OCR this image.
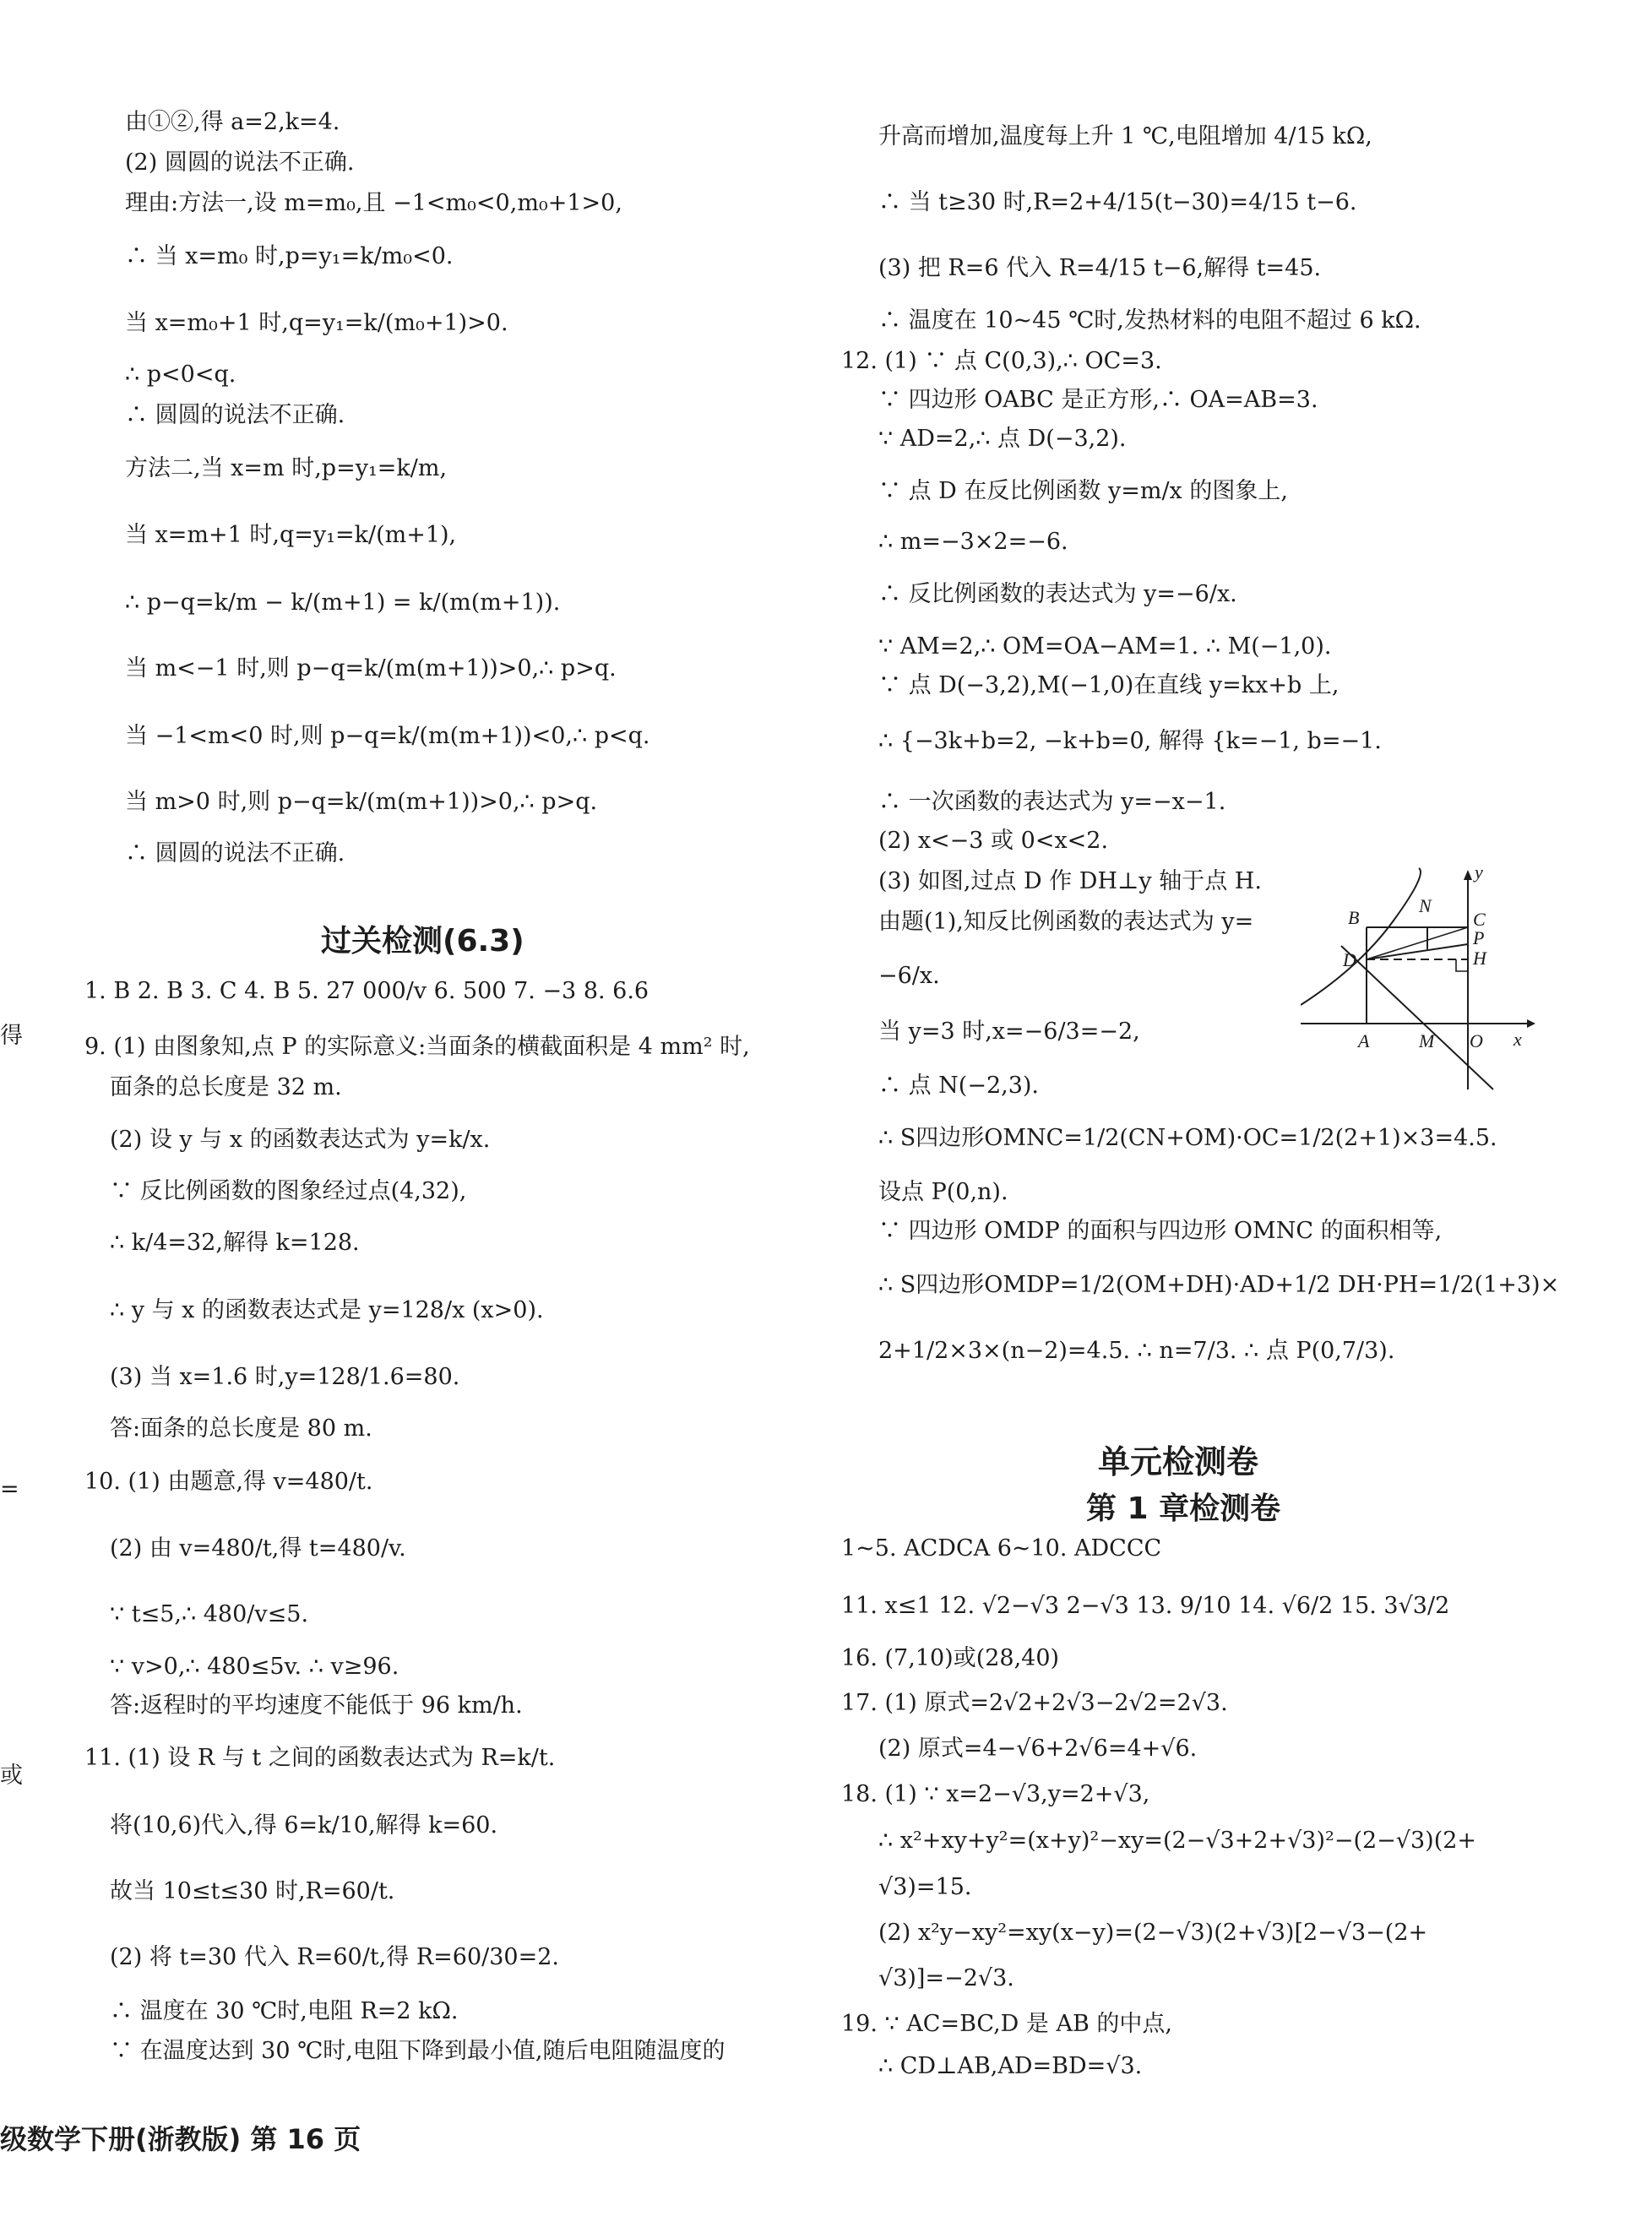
由①②,得 a=2,k=4.
(2) 圆圆的说法不正确.
理由:方法一,设 m=m₀,且 −1<m₀<0,m₀+1>0,
∴ 当 x=m₀ 时,p=y₁=k/m₀<0.
当 x=m₀+1 时,q=y₁=k/(m₀+1)>0.
∴ p<0<q.
∴ 圆圆的说法不正确.
方法二,当 x=m 时,p=y₁=k/m,
当 x=m+1 时,q=y₁=k/(m+1),
∴ p−q=k/m − k/(m+1) = k/(m(m+1)).
当 m<−1 时,则 p−q=k/(m(m+1))>0,∴ p>q.
当 −1<m<0 时,则 p−q=k/(m(m+1))<0,∴ p<q.
当 m>0 时,则 p−q=k/(m(m+1))>0,∴ p>q.
∴ 圆圆的说法不正确.
过关检测(6.3)
1. B 2. B 3. C 4. B 5. 27 000/v 6. 500 7. −3 8. 6.6
9. (1) 由图象知,点 P 的实际意义:当面条的横截面积是 4 mm² 时,
面条的总长度是 32 m.
(2) 设 y 与 x 的函数表达式为 y=k/x.
∵ 反比例函数的图象经过点(4,32),
∴ k/4=32,解得 k=128.
∴ y 与 x 的函数表达式是 y=128/x (x>0).
(3) 当 x=1.6 时,y=128/1.6=80.
答:面条的总长度是 80 m.
10. (1) 由题意,得 v=480/t.
(2) 由 v=480/t,得 t=480/v.
∵ t≤5,∴ 480/v≤5.
∵ v>0,∴ 480≤5v. ∴ v≥96.
答:返程时的平均速度不能低于 96 km/h.
11. (1) 设 R 与 t 之间的函数表达式为 R=k/t.
将(10,6)代入,得 6=k/10,解得 k=60.
故当 10≤t≤30 时,R=60/t.
(2) 将 t=30 代入 R=60/t,得 R=60/30=2.
∴ 温度在 30 ℃时,电阻 R=2 kΩ.
∵ 在温度达到 30 ℃时,电阻下降到最小值,随后电阻随温度的
升高而增加,温度每上升 1 ℃,电阻增加 4/15 kΩ,
∴ 当 t≥30 时,R=2+4/15(t−30)=4/15 t−6.
(3) 把 R=6 代入 R=4/15 t−6,解得 t=45.
∴ 温度在 10~45 ℃时,发热材料的电阻不超过 6 kΩ.
12. (1) ∵ 点 C(0,3),∴ OC=3.
∵ 四边形 OABC 是正方形,∴ OA=AB=3.
∵ AD=2,∴ 点 D(−3,2).
∵ 点 D 在反比例函数 y=m/x 的图象上,
∴ m=−3×2=−6.
∴ 反比例函数的表达式为 y=−6/x.
∵ AM=2,∴ OM=OA−AM=1. ∴ M(−1,0).
∵ 点 D(−3,2),M(−1,0)在直线 y=kx+b 上,
∴ {−3k+b=2, −k+b=0, 解得 {k=−1, b=−1.
∴ 一次函数的表达式为 y=−x−1.
(2) x<−3 或 0<x<2.
(3) 如图,过点 D 作 DH⊥y 轴于点 H.
由题(1),知反比例函数的表达式为 y=
−6/x.
当 y=3 时,x=−6/3=−2,
∴ 点 N(−2,3).
∴ S四边形OMNC=1/2(CN+OM)·OC=1/2(2+1)×3=4.5.
设点 P(0,n).
∵ 四边形 OMDP 的面积与四边形 OMNC 的面积相等,
∴ S四边形OMDP=1/2(OM+DH)·AD+1/2 DH·PH=1/2(1+3)×
2+1/2×3×(n−2)=4.5. ∴ n=7/3. ∴ 点 P(0,7/3).
y
B
N
C
P
D	H
A	M O x
单元检测卷
第 1 章检测卷
1~5. ACDCA 6~10. ADCCC
11. x≤1 12. √2−√3 2−√3 13. 9/10 14. √6/2 15. 3√3/2
16. (7,10)或(28,40)
17. (1) 原式=2√2+2√3−2√2=2√3.
(2) 原式=4−√6+2√6=4+√6.
18. (1) ∵ x=2−√3,y=2+√3,
∴ x²+xy+y²=(x+y)²−xy=(2−√3+2+√3)²−(2−√3)(2+
√3)=15.
(2) x²y−xy²=xy(x−y)=(2−√3)(2+√3)[2−√3−(2+
√3)]=−2√3.
19. ∵ AC=BC,D 是 AB 的中点,
∴ CD⊥AB,AD=BD=√3.
得
=
或
级数学下册(浙教版) 第 16 页
